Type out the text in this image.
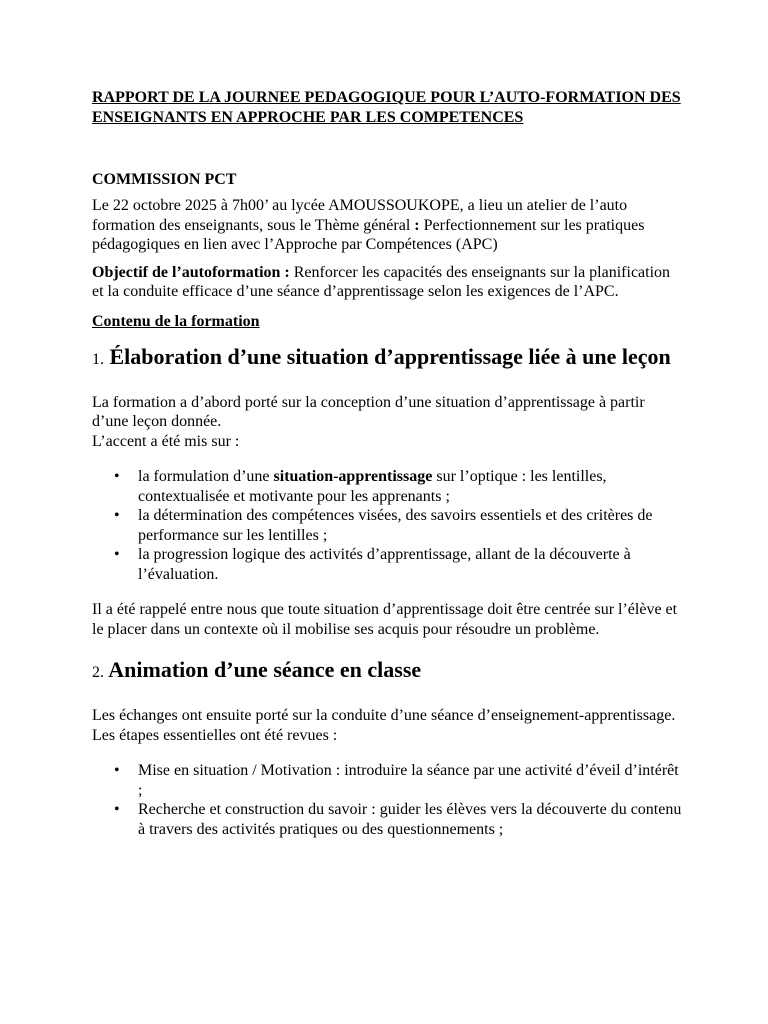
RAPPORT DE LA JOURNEE PEDAGOGIQUE POUR L’AUTO-FORMATION DES ENSEIGNANTS EN APPROCHE PAR LES COMPETENCES
COMMISSION PCT

Le 22 octobre 2025 à 7h00’ au lycée AMOUSSOUKOPE, a lieu un atelier de l’auto formation des enseignants, sous le Thème général : Perfectionnement sur les pratiques pédagogiques en lien avec l’Approche par Compétences (APC)

Objectif de l’autoformation : Renforcer les capacités des enseignants sur la planification et la conduite efficace d’une séance d’apprentissage selon les exigences de l’APC.

Contenu de la formation
1. Élaboration d’une situation d’apprentissage liée à une leçon

La formation a d’abord porté sur la conception d’une situation d’apprentissage à partir d’une leçon donnée.
L’accent a été mis sur :

• la formulation d’une situation-apprentissage sur l’optique : les lentilles, contextualisée et motivante pour les apprenants ;
• la détermination des compétences visées, des savoirs essentiels et des critères de performance sur les lentilles ;
• la progression logique des activités d’apprentissage, allant de la découverte à l’évaluation.

Il a été rappelé entre nous que toute situation d’apprentissage doit être centrée sur l’élève et le placer dans un contexte où il mobilise ses acquis pour résoudre un problème.

2. Animation d’une séance en classe

Les échanges ont ensuite porté sur la conduite d’une séance d’enseignement-apprentissage.
Les étapes essentielles ont été revues :

• Mise en situation / Motivation : introduire la séance par une activité d’éveil d’intérêt ;
• Recherche et construction du savoir : guider les élèves vers la découverte du contenu à travers des activités pratiques ou des questionnements ;
